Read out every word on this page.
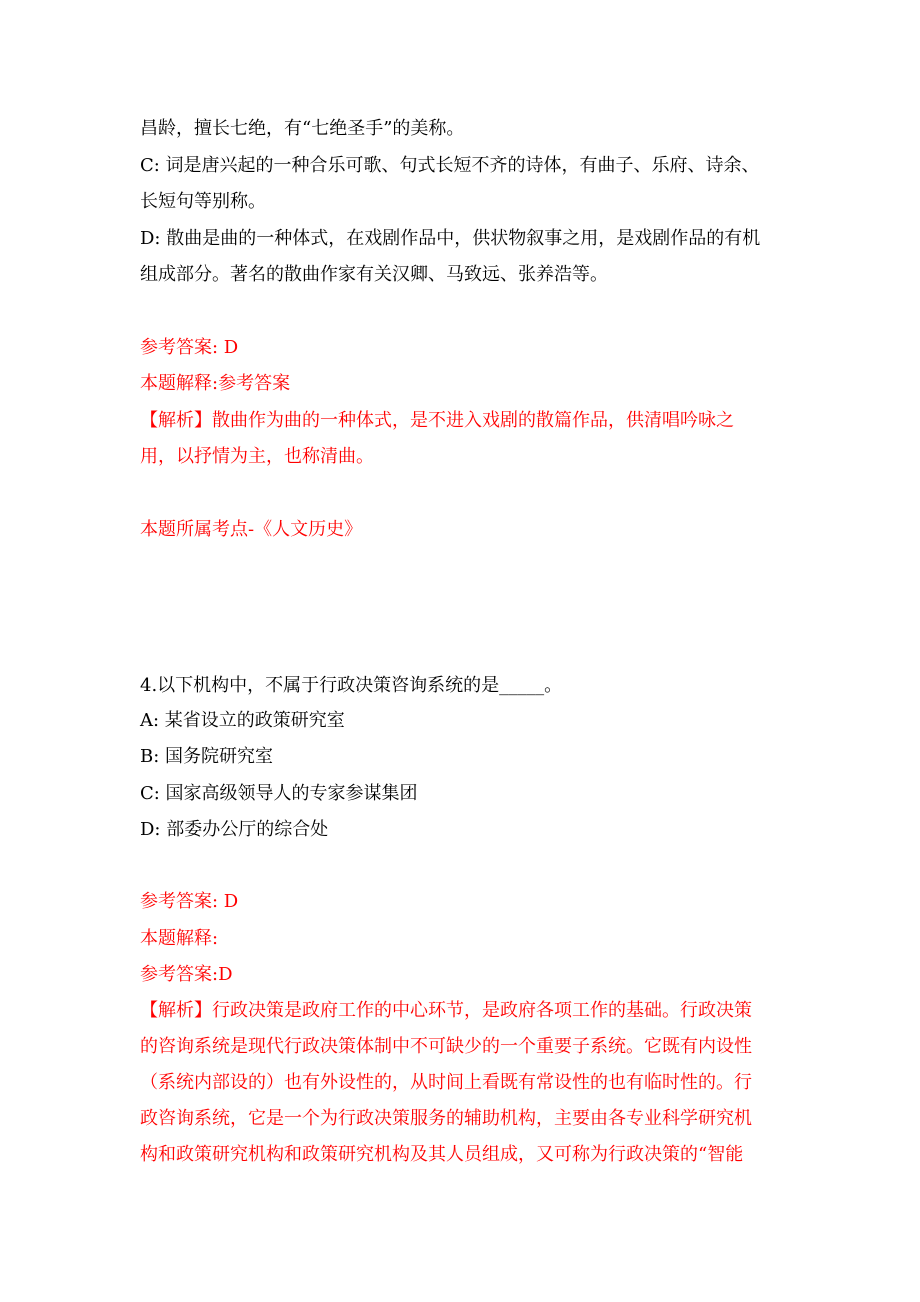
昌龄，擅长七绝，有“七绝圣手”的美称。
C: 词是唐兴起的一种合乐可歌、句式长短不齐的诗体，有曲子、乐府、诗余、
长短句等别称。
D: 散曲是曲的一种体式，在戏剧作品中，供状物叙事之用，是戏剧作品的有机
组成部分。著名的散曲作家有关汉卿、马致远、张养浩等。
参考答案: D
本题解释:参考答案
【解析】散曲作为曲的一种体式，是不进入戏剧的散篇作品，供清唱吟咏之
用，以抒情为主，也称清曲。
本题所属考点-《人文历史》
4.以下机构中，不属于行政决策咨询系统的是_____。
A: 某省设立的政策研究室
B: 国务院研究室
C: 国家高级领导人的专家参谋集团
D: 部委办公厅的综合处
参考答案: D
本题解释:
参考答案:D
【解析】行政决策是政府工作的中心环节，是政府各项工作的基础。行政决策
的咨询系统是现代行政决策体制中不可缺少的一个重要子系统。它既有内设性
（系统内部设的）也有外设性的，从时间上看既有常设性的也有临时性的。行
政咨询系统，它是一个为行政决策服务的辅助机构，主要由各专业科学研究机
构和政策研究机构和政策研究机构及其人员组成，又可称为行政决策的“智能
